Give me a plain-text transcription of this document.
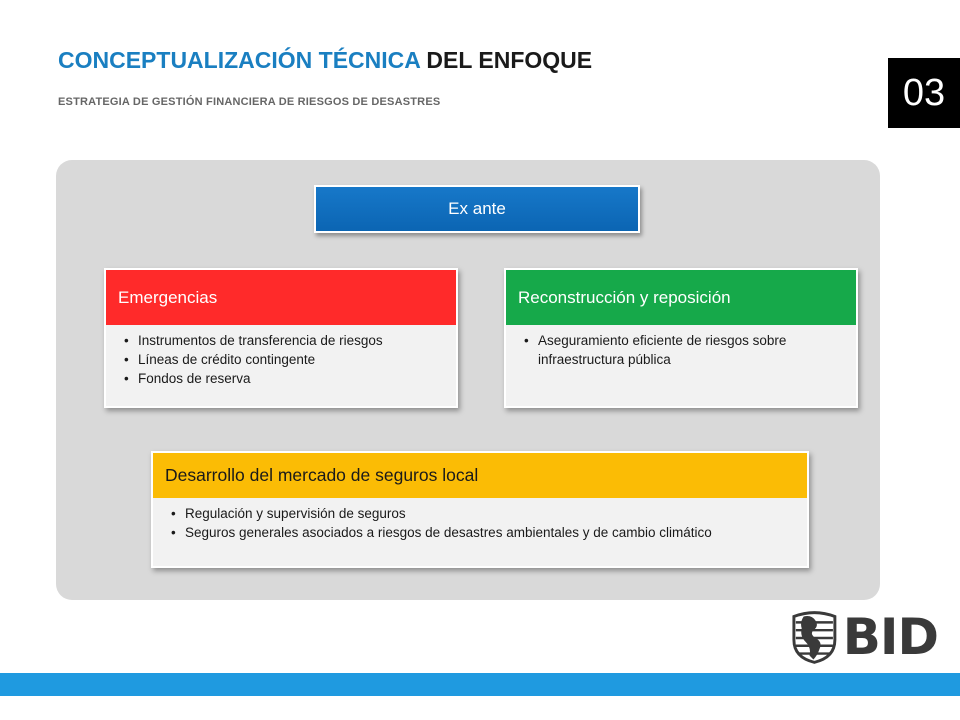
CONCEPTUALIZACIÓN TÉCNICA DEL ENFOQUE
ESTRATEGIA DE GESTIÓN FINANCIERA DE RIESGOS DE DESASTRES	03
Ex ante
Emergencias
• Instrumentos de transferencia de riesgos
• Líneas de crédito contingente
• Fondos de reserva
Reconstrucción y reposición
• Aseguramiento eficiente de riesgos sobre infraestructura pública
Desarrollo del mercado de seguros local
• Regulación y supervisión de seguros
• Seguros generales asociados a riesgos de desastres ambientales y de cambio climático
BID
